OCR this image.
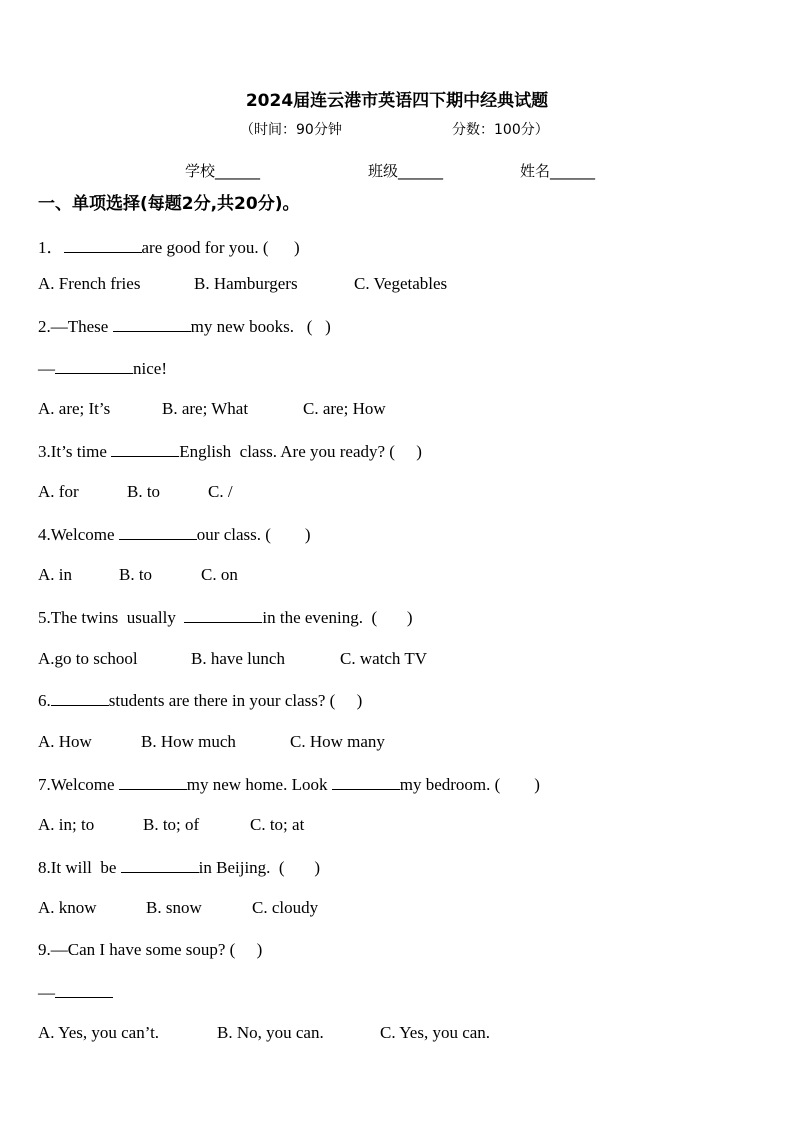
2024届连云港市英语四下期中经典试题
（时间：90分钟	分数：100分）
学校______	班级______	姓名______
一、单项选择(每题2分,共20分)。
1．	are good for you. (      )
A. French fries	B. Hamburgers	C. Vegetables
2.—These	my new books.   (   )
—	nice!
A. are; It’s	B. are; What	C. are; How
3.It’s time	English  class. Are you ready? (     )
A. for	B. to	C. /
4.Welcome	our class. (        )
A. in	B. to	C. on
5.The twins  usually	in the evening.  (       )
A.go to school	B. have lunch	C. watch TV
6.	students are there in your class? (     )
A. How	B. How much	C. How many
7.Welcome	my new home. Look	my bedroom. (        )
A. in; to	B. to; of	C. to; at
8.It will  be	in Beijing.  (       )
A. know	B. snow	C. cloudy
9.—Can I have some soup? (     )
—
A. Yes, you can’t.	B. No, you can.	C. Yes, you can.
